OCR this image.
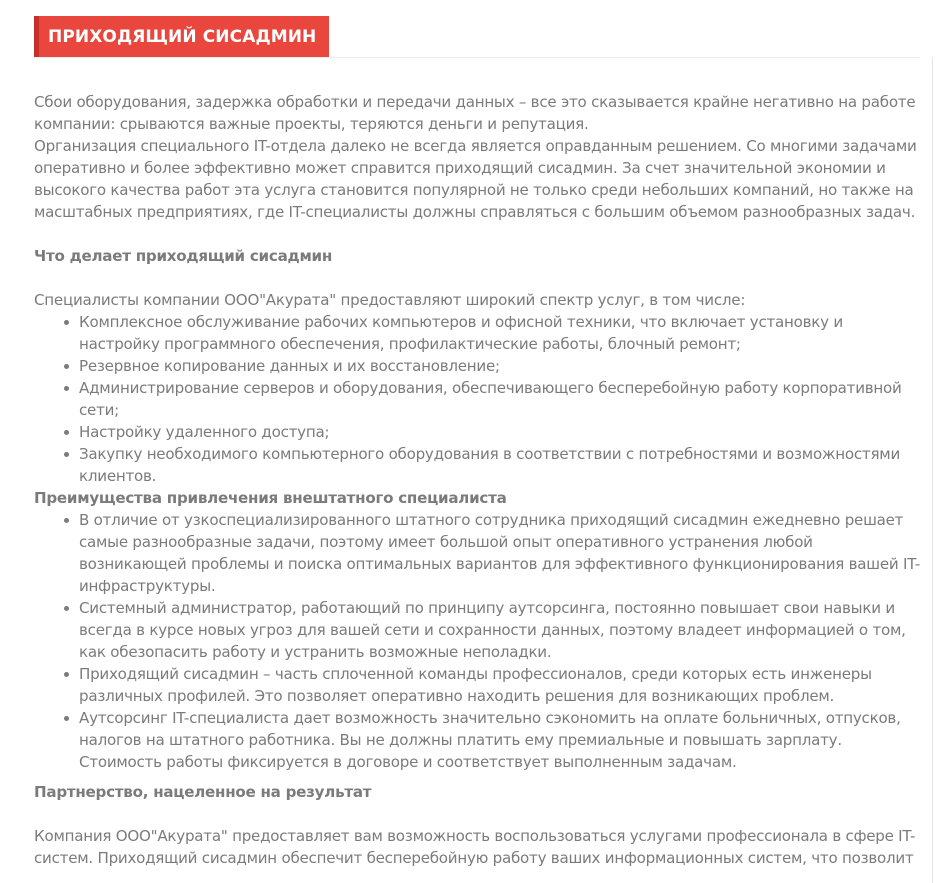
ПРИХОДЯЩИЙ СИСАДМИН

Сбои оборудования, задержка обработки и передачи данных – все это сказывается крайне негативно на работе компании: срываются важные проекты, теряются деньги и репутация.

Организация специального IT-отдела далеко не всегда является оправданным решением. Со многими задачами оперативно и более эффективно может справится приходящий сисадмин. За счет значительной экономии и высокого качества работ эта услуга становится популярной не только среди небольших компаний, но также на масштабных предприятиях, где IT-специалисты должны справляться с большим объемом разнообразных задач.

Что делает приходящий сисадмин

Специалисты компании ООО"Акурата" предоставляют широкий спектр услуг, в том числе:

Комплексное обслуживание рабочих компьютеров и офисной техники, что включает установку и настройку программного обеспечения, профилактические работы, блочный ремонт;
Резервное копирование данных и их восстановление;
Администрирование серверов и оборудования, обеспечивающего бесперебойную работу корпоративной сети;
Настройку удаленного доступа;
Закупку необходимого компьютерного оборудования в соответствии с потребностями и возможностями клиентов.

Преимущества привлечения внештатного специалиста

В отличие от узкоспециализированного штатного сотрудника приходящий сисадмин ежедневно решает самые разнообразные задачи, поэтому имеет большой опыт оперативного устранения любой возникающей проблемы и поиска оптимальных вариантов для эффективного функционирования вашей IT-инфраструктуры.
Системный администратор, работающий по принципу аутсорсинга, постоянно повышает свои навыки и всегда в курсе новых угроз для вашей сети и сохранности данных, поэтому владеет информацией о том, как обезопасить работу и устранить возможные неполадки.
Приходящий сисадмин – часть сплоченной команды профессионалов, среди которых есть инженеры различных профилей. Это позволяет оперативно находить решения для возникающих проблем.
Аутсорсинг IT-специалиста дает возможность значительно сэкономить на оплате больничных, отпусков, налогов на штатного работника. Вы не должны платить ему премиальные и повышать зарплату. Стоимость работы фиксируется в договоре и соответствует выполненным задачам.

Партнерство, нацеленное на результат

Компания ООО"Акурата" предоставляет вам возможность воспользоваться услугами профессионала в сфере IT-систем. Приходящий сисадмин обеспечит бесперебойную работу ваших информационных систем, что позволит
